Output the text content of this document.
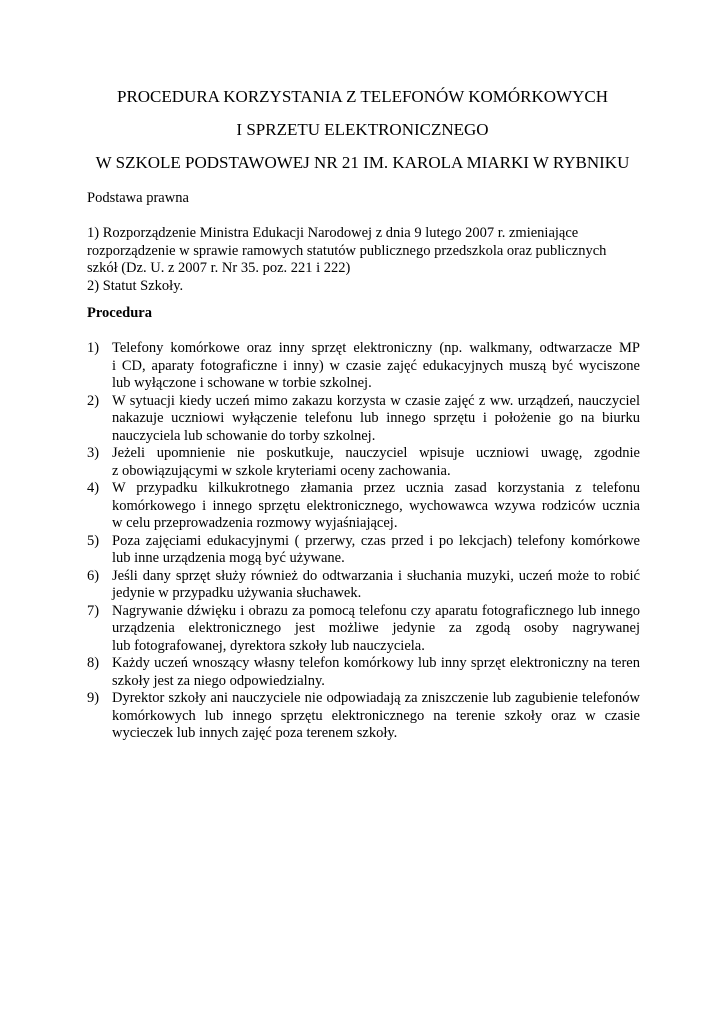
PROCEDURA KORZYSTANIA Z TELEFONÓW KOMÓRKOWYCH
I SPRZETU ELEKTRONICZNEGO
W SZKOLE PODSTAWOWEJ NR 21 IM. KAROLA MIARKI W RYBNIKU
Podstawa prawna
1) Rozporządzenie Ministra Edukacji Narodowej z dnia 9 lutego 2007 r. zmieniające
rozporządzenie w sprawie ramowych statutów publicznego przedszkola oraz publicznych
szkół (Dz. U. z 2007 r. Nr 35. poz. 221 i 222)
2) Statut Szkoły.
Procedura
1) Telefony komórkowe oraz inny sprzęt elektroniczny (np. walkmany, odtwarzacze MP
i CD, aparaty fotograficzne i inny) w czasie zajęć edukacyjnych muszą być wyciszone
lub wyłączone i schowane w torbie szkolnej.
2) W sytuacji kiedy uczeń mimo zakazu korzysta w czasie zajęć z ww. urządzeń, nauczyciel
nakazuje uczniowi wyłączenie telefonu lub innego sprzętu i położenie go na biurku
nauczyciela lub schowanie do torby szkolnej.
3) Jeżeli upomnienie nie poskutkuje, nauczyciel wpisuje uczniowi uwagę, zgodnie
z obowiązującymi w szkole kryteriami oceny zachowania.
4) W przypadku kilkukrotnego złamania przez ucznia zasad korzystania z telefonu
komórkowego i innego sprzętu elektronicznego, wychowawca wzywa rodziców ucznia
w celu przeprowadzenia rozmowy wyjaśniającej.
5) Poza zajęciami edukacyjnymi ( przerwy, czas przed i po lekcjach) telefony komórkowe
lub inne urządzenia mogą być używane.
6) Jeśli dany sprzęt służy również do odtwarzania i słuchania muzyki, uczeń może to robić
jedynie w przypadku używania słuchawek.
7) Nagrywanie dźwięku i obrazu za pomocą telefonu czy aparatu fotograficznego lub innego
urządzenia elektronicznego jest możliwe jedynie za zgodą osoby nagrywanej
lub fotografowanej, dyrektora szkoły lub nauczyciela.
8) Każdy uczeń wnoszący własny telefon komórkowy lub inny sprzęt elektroniczny na teren
szkoły jest za niego odpowiedzialny.
9) Dyrektor szkoły ani nauczyciele nie odpowiadają za zniszczenie lub zagubienie telefonów
komórkowych lub innego sprzętu elektronicznego na terenie szkoły oraz w czasie
wycieczek lub innych zajęć poza terenem szkoły.
